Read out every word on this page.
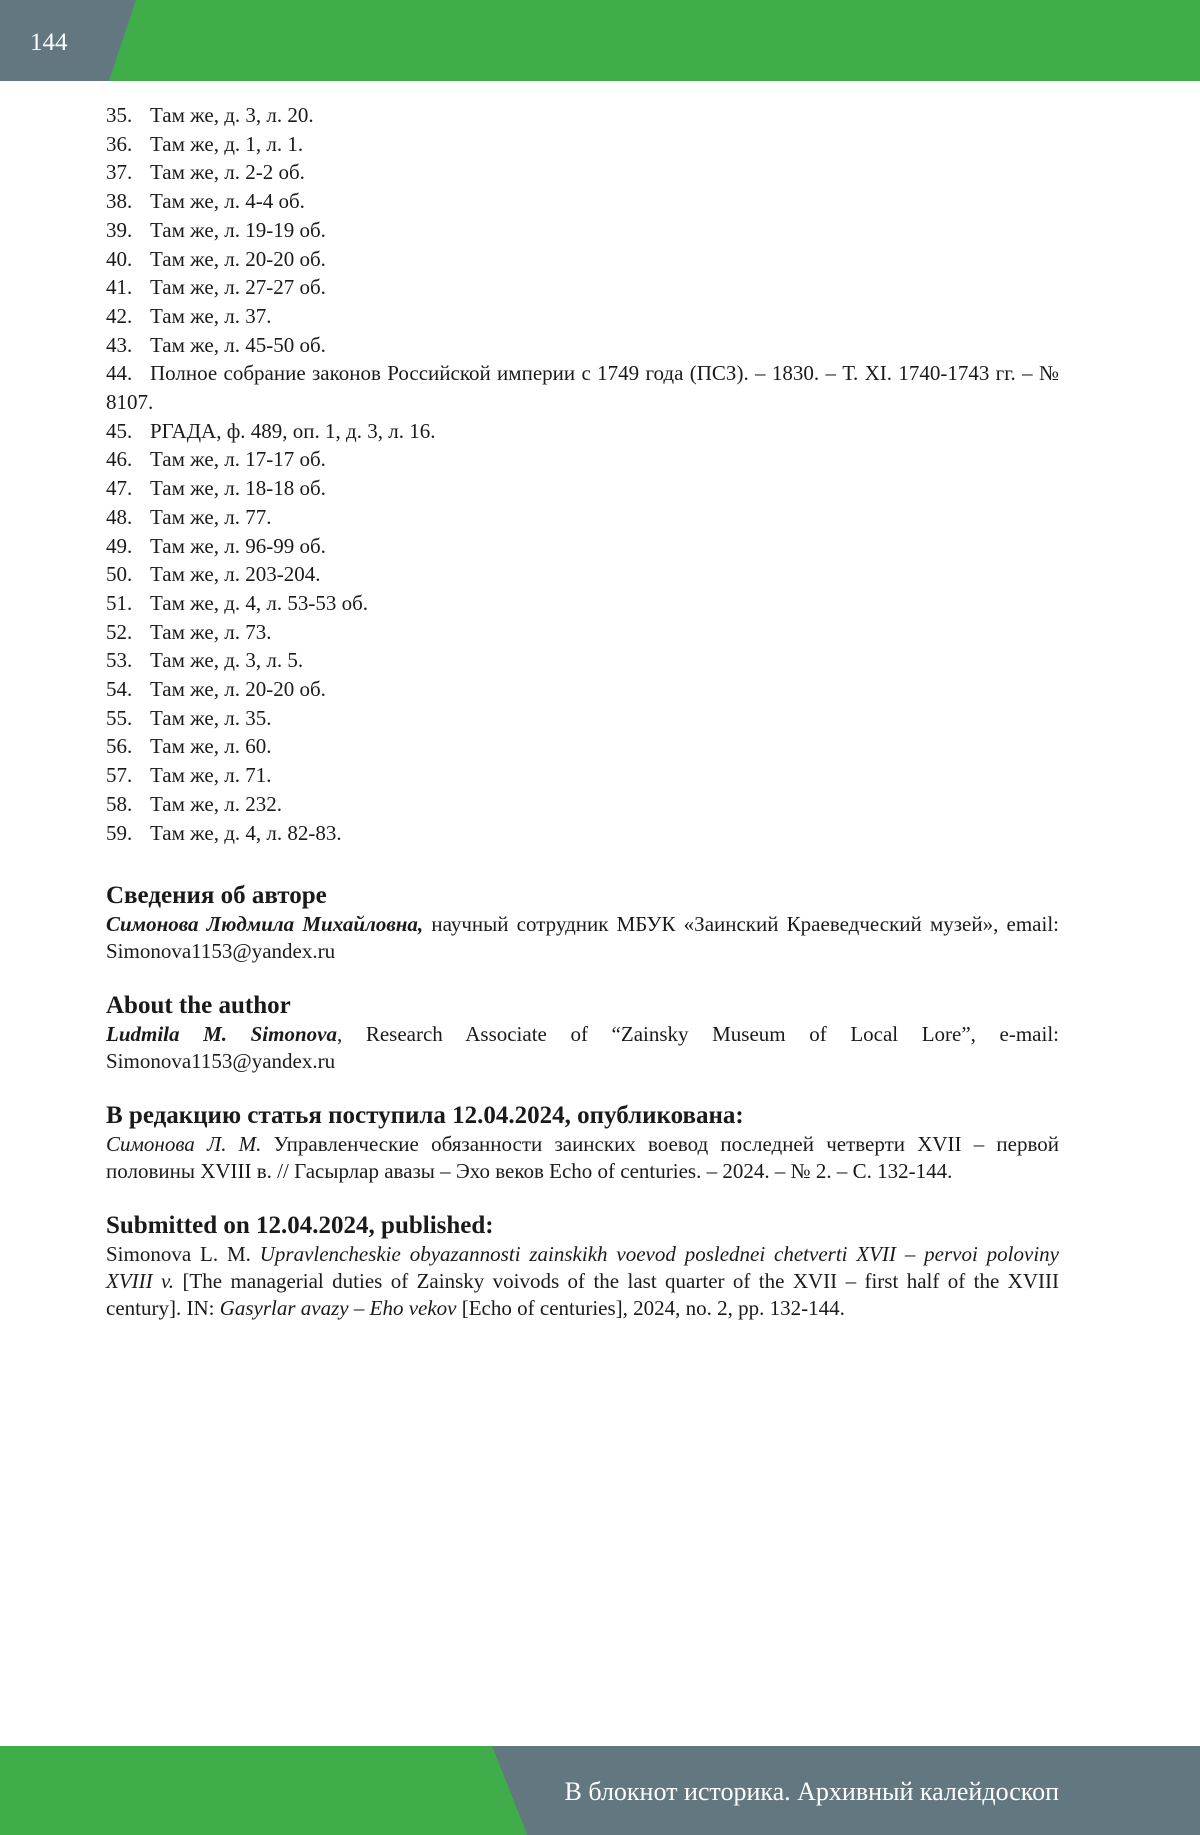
144
35. Там же, д. 3, л. 20.
36. Там же, д. 1, л. 1.
37. Там же, л. 2-2 об.
38. Там же, л. 4-4 об.
39. Там же, л. 19-19 об.
40. Там же, л. 20-20 об.
41. Там же, л. 27-27 об.
42. Там же, л. 37.
43. Там же, л. 45-50 об.
44. Полное собрание законов Российской империи с 1749 года (ПСЗ). – 1830. – Т. XI. 1740-1743 гг. – № 8107.
45. РГАДА, ф. 489, оп. 1, д. 3, л. 16.
46. Там же, л. 17-17 об.
47. Там же, л. 18-18 об.
48. Там же, л. 77.
49. Там же, л. 96-99 об.
50. Там же, л. 203-204.
51. Там же, д. 4, л. 53-53 об.
52. Там же, л. 73.
53. Там же, д. 3, л. 5.
54. Там же, л. 20-20 об.
55. Там же, л. 35.
56. Там же, л. 60.
57. Там же, л. 71.
58. Там же, л. 232.
59. Там же, д. 4, л. 82-83.
Сведения об авторе
Симонова Людмила Михайловна, научный сотрудник МБУК «Заинский Краеведческий музей», email: Simonova1153@yandex.ru
About the author
Ludmila M. Simonova, Research Associate of “Zainsky Museum of Local Lore”, e-mail: Simonova1153@yandex.ru
В редакцию статья поступила 12.04.2024, опубликована:
Симонова Л. М. Управленческие обязанности заинских воевод последней четверти XVII – первой половины XVIII в. // Гасырлар авазы – Эхо веков Echo of centuries. – 2024. – № 2. – С. 132-144.
Submitted on 12.04.2024, published:
Simonova L. M. Upravlencheskie obyazannosti zainskikh voevod poslednei chetverti XVII – pervoi poloviny XVIII v. [The managerial duties of Zainsky voivods of the last quarter of the XVII – first half of the XVIII century]. IN: Gasyrlar avazy – Eho vekov [Echo of centuries], 2024, no. 2, pp. 132-144.
В блокнот историка. Архивный калейдоскоп
